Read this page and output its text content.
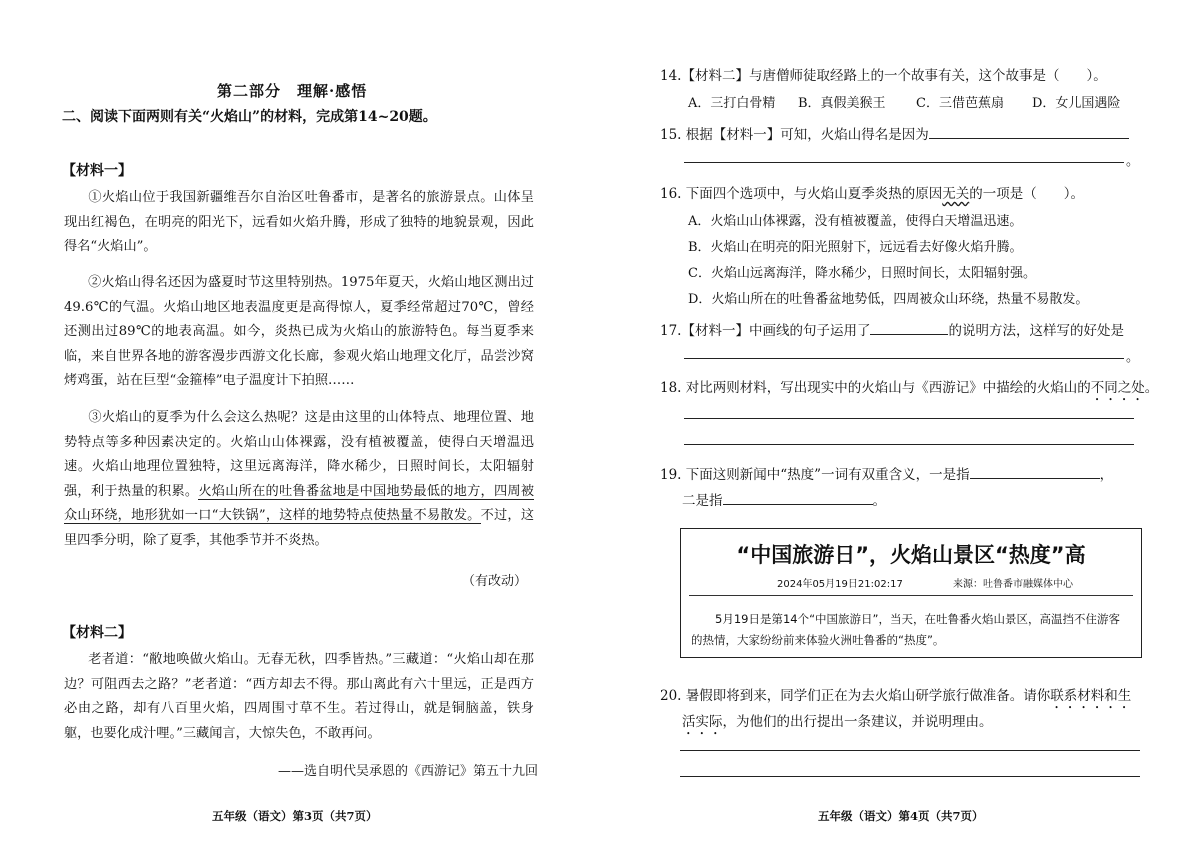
第二部分　理解·感悟
二、阅读下面两则有关“火焰山”的材料，完成第14~20题。
【材料一】
①火焰山位于我国新疆维吾尔自治区吐鲁番市，是著名的旅游景点。山体呈现出红褐色，在明亮的阳光下，远看如火焰升腾，形成了独特的地貌景观，因此得名“火焰山”。
②火焰山得名还因为盛夏时节这里特别热。1975年夏天，火焰山地区测出过49.6℃的气温。火焰山地区地表温度更是高得惊人，夏季经常超过70℃，曾经还测出过89℃的地表高温。如今，炎热已成为火焰山的旅游特色。每当夏季来临，来自世界各地的游客漫步西游文化长廊，参观火焰山地理文化厅，品尝沙窝烤鸡蛋，站在巨型“金箍棒”电子温度计下拍照……
③火焰山的夏季为什么会这么热呢？这是由这里的山体特点、地理位置、地势特点等多种因素决定的。火焰山山体裸露，没有植被覆盖，使得白天增温迅速。火焰山地理位置独特，这里远离海洋，降水稀少，日照时间长，太阳辐射强，利于热量的积累。火焰山所在的吐鲁番盆地是中国地势最低的地方，四周被众山环绕，地形犹如一口“大铁锅”，这样的地势特点使热量不易散发。不过，这里四季分明，除了夏季，其他季节并不炎热。
（有改动）
【材料二】
老者道：“敝地唤做火焰山。无春无秋，四季皆热。”三藏道：“火焰山却在那边？可阻西去之路？”老者道：“西方却去不得。那山离此有六十里远，正是西方必由之路，却有八百里火焰，四周围寸草不生。若过得山，就是铜脑盖，铁身躯，也要化成汁哩。”三藏闻言，大惊失色，不敢再问。
——选自明代吴承恩的《西游记》第五十九回
五年级（语文）第3页（共7页）
14.【材料二】与唐僧师徒取经路上的一个故事有关，这个故事是（　　）。
A．三打白骨精 B．真假美猴王 C．三借芭蕉扇 D．女儿国遇险
15. 根据【材料一】可知，火焰山得名是因为
。
16. 下面四个选项中，与火焰山夏季炎热的原因无关的一项是（　　）。
A．火焰山山体裸露，没有植被覆盖，使得白天增温迅速。
B．火焰山在明亮的阳光照射下，远远看去好像火焰升腾。
C．火焰山远离海洋，降水稀少，日照时间长，太阳辐射强。
D．火焰山所在的吐鲁番盆地势低，四周被众山环绕，热量不易散发。
17.【材料一】中画线的句子运用了	的说明方法，这样写的好处是
。
18. 对比两则材料，写出现实中的火焰山与《西游记》中描绘的火焰山的不同之处。
19. 下面这则新闻中“热度”一词有双重含义，一是指	，
二是指	。
“中国旅游日”，火焰山景区“热度”高
2024年05月19日21:02:17	来源：吐鲁番市融媒体中心
5月19日是第14个“中国旅游日”，当天，在吐鲁番火焰山景区，高温挡不住游客的热情，大家纷纷前来体验火洲吐鲁番的“热度”。
20. 暑假即将到来，同学们正在为去火焰山研学旅行做准备。请你联系材料和生
活实际，为他们的出行提出一条建议，并说明理由。
五年级（语文）第4页（共7页）
